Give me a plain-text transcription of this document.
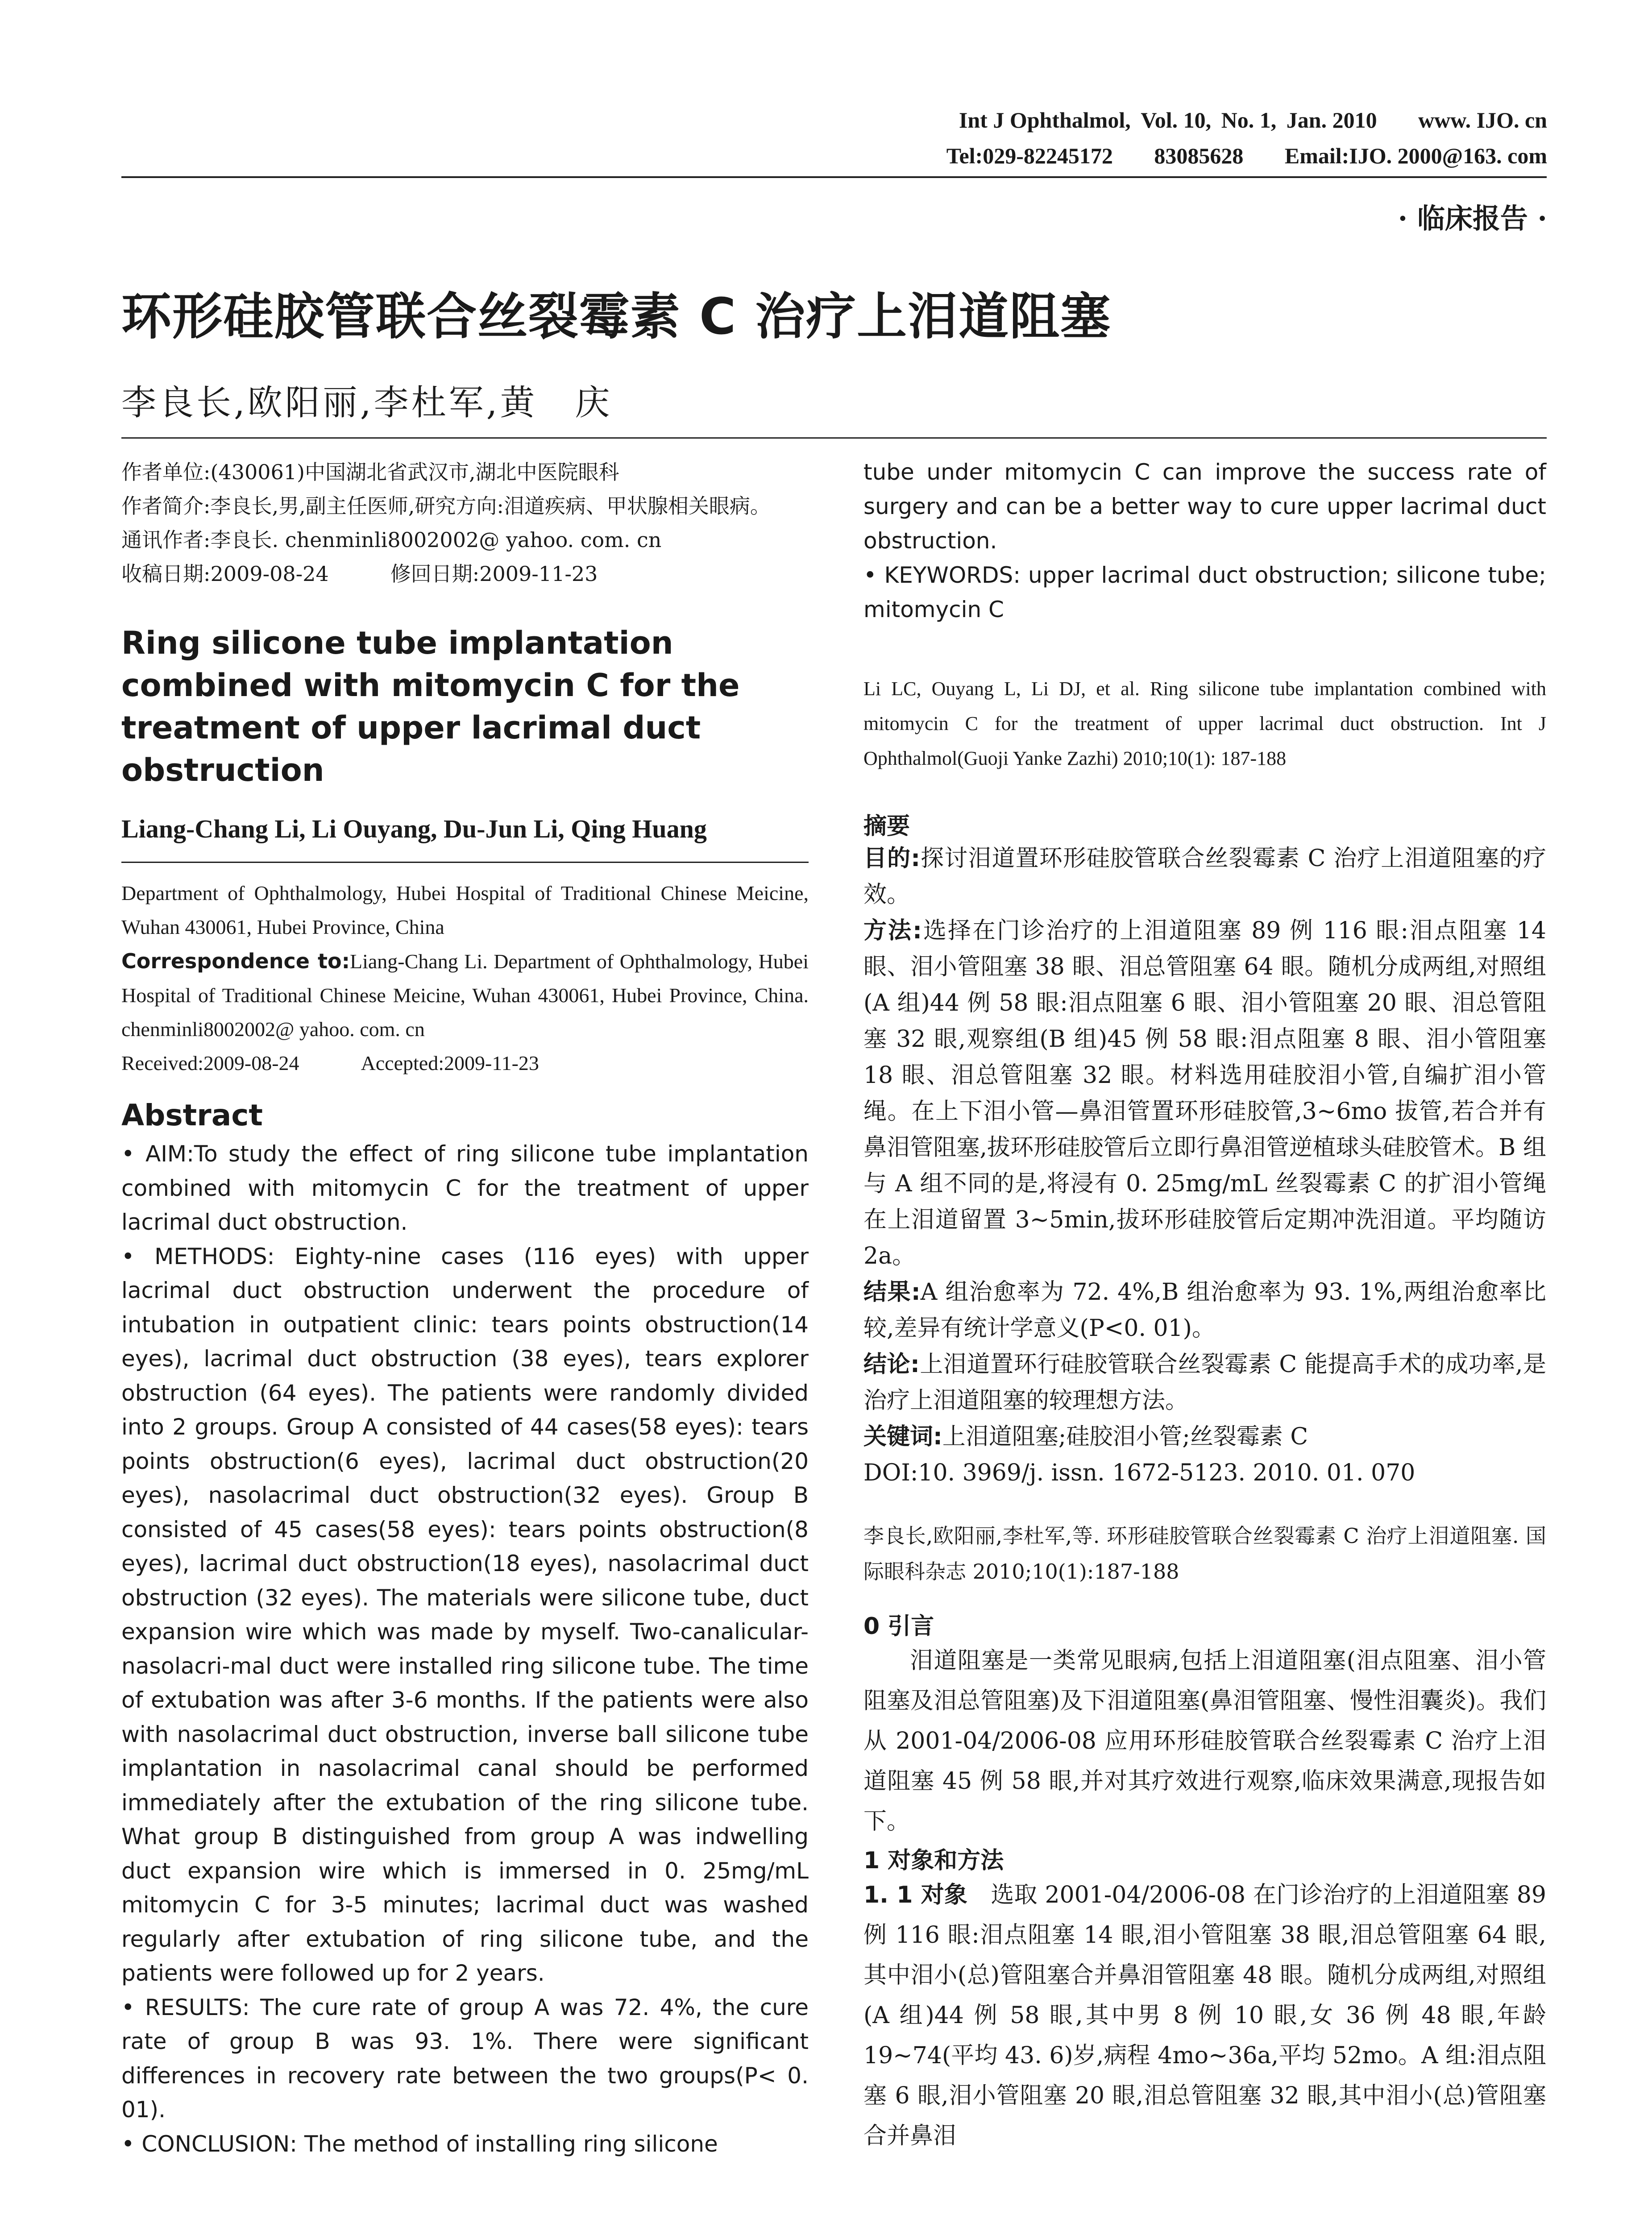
Int J Ophthalmol, Vol. 10, No. 1, Jan. 2010 www. IJO. cn
Tel:029-82245172 83085628 Email:IJO. 2000@163. com
· 临床报告 ·
环形硅胶管联合丝裂霉素 C 治疗上泪道阻塞
李良长,欧阳丽,李杜军,黄　庆
作者单位:(430061)中国湖北省武汉市,湖北中医院眼科
作者简介:李良长,男,副主任医师,研究方向:泪道疾病、甲状腺相关眼病。
通讯作者:李良长. chenminli8002002@ yahoo. com. cn
收稿日期:2009-08-24　　　修回日期:2009-11-23
Ring silicone tube implantation combined with mitomycin C for the treatment of upper lacrimal duct obstruction
Liang-Chang Li, Li Ouyang, Du-Jun Li, Qing Huang
Department of Ophthalmology, Hubei Hospital of Traditional Chinese Meicine, Wuhan 430061, Hubei Province, China
Correspondence to:Liang-Chang Li. Department of Ophthalmology, Hubei Hospital of Traditional Chinese Meicine, Wuhan 430061, Hubei Province, China. chenminli8002002@ yahoo. com. cn
Received:2009-08-24　　　Accepted:2009-11-23
Abstract

• AIM:To study the effect of ring silicone tube implantation combined with mitomycin C for the treatment of upper lacrimal duct obstruction.

• METHODS: Eighty-nine cases (116 eyes) with upper lacrimal duct obstruction underwent the procedure of intubation in outpatient clinic: tears points obstruction(14 eyes), lacrimal duct obstruction (38 eyes), tears explorer obstruction (64 eyes). The patients were randomly divided into 2 groups. Group A consisted of 44 cases(58 eyes): tears points obstruction(6 eyes), lacrimal duct obstruction(20 eyes), nasolacrimal duct obstruction(32 eyes). Group B consisted of 45 cases(58 eyes): tears points obstruction(8 eyes), lacrimal duct obstruction(18 eyes), nasolacrimal duct obstruction (32 eyes). The materials were silicone tube, duct expansion wire which was made by myself. Two-canalicular-nasolacri-mal duct were installed ring silicone tube. The time of extubation was after 3-6 months. If the patients were also with nasolacrimal duct obstruction, inverse ball silicone tube implantation in nasolacrimal canal should be performed immediately after the extubation of the ring silicone tube. What group B distinguished from group A was indwelling duct expansion wire which is immersed in 0. 25mg/mL mitomycin C for 3-5 minutes; lacrimal duct was washed regularly after extubation of ring silicone tube, and the patients were followed up for 2 years.

• RESULTS: The cure rate of group A was 72. 4%, the cure rate of group B was 93. 1%. There were significant differences in recovery rate between the two groups(P< 0. 01).

• CONCLUSION: The method of installing ring silicone

tube under mitomycin C can improve the success rate of surgery and can be a better way to cure upper lacrimal duct obstruction.

• KEYWORDS: upper lacrimal duct obstruction; silicone tube; mitomycin C

Li LC, Ouyang L, Li DJ, et al. Ring silicone tube implantation combined with mitomycin C for the treatment of upper lacrimal duct obstruction. Int J Ophthalmol(Guoji Yanke Zazhi) 2010;10(1): 187-188
摘要

目的:探讨泪道置环形硅胶管联合丝裂霉素 C 治疗上泪道阻塞的疗效。

方法:选择在门诊治疗的上泪道阻塞 89 例 116 眼:泪点阻塞 14 眼、泪小管阻塞 38 眼、泪总管阻塞 64 眼。随机分成两组,对照组(A 组)44 例 58 眼:泪点阻塞 6 眼、泪小管阻塞 20 眼、泪总管阻塞 32 眼,观察组(B 组)45 例 58 眼:泪点阻塞 8 眼、泪小管阻塞 18 眼、泪总管阻塞 32 眼。材料选用硅胶泪小管,自编扩泪小管绳。在上下泪小管—鼻泪管置环形硅胶管,3~6mo 拔管,若合并有鼻泪管阻塞,拔环形硅胶管后立即行鼻泪管逆植球头硅胶管术。B 组与 A 组不同的是,将浸有 0. 25mg/mL 丝裂霉素 C 的扩泪小管绳在上泪道留置 3~5min,拔环形硅胶管后定期冲洗泪道。平均随访 2a。

结果:A 组治愈率为 72. 4%,B 组治愈率为 93. 1%,两组治愈率比较,差异有统计学意义(P<0. 01)。

结论:上泪道置环行硅胶管联合丝裂霉素 C 能提高手术的成功率,是治疗上泪道阻塞的较理想方法。

关键词:上泪道阻塞;硅胶泪小管;丝裂霉素 C

DOI:10. 3969/j. issn. 1672-5123. 2010. 01. 070

李良长,欧阳丽,李杜军,等. 环形硅胶管联合丝裂霉素 C 治疗上泪道阻塞. 国际眼科杂志 2010;10(1):187-188
0 引言

泪道阻塞是一类常见眼病,包括上泪道阻塞(泪点阻塞、泪小管阻塞及泪总管阻塞)及下泪道阻塞(鼻泪管阻塞、慢性泪囊炎)。我们从 2001-04/2006-08 应用环形硅胶管联合丝裂霉素 C 治疗上泪道阻塞 45 例 58 眼,并对其疗效进行观察,临床效果满意,现报告如下。

1 对象和方法

1. 1 对象　 选取 2001-04/2006-08 在门诊治疗的上泪道阻塞 89 例 116 眼:泪点阻塞 14 眼,泪小管阻塞 38 眼,泪总管阻塞 64 眼,其中泪小(总)管阻塞合并鼻泪管阻塞 48 眼。随机分成两组,对照组(A 组)44 例 58 眼,其中男 8 例 10 眼,女 36 例 48 眼,年龄 19~74(平均 43. 6)岁,病程 4mo~36a,平均 52mo。A 组:泪点阻塞 6 眼,泪小管阻塞 20 眼,泪总管阻塞 32 眼,其中泪小(总)管阻塞合并鼻泪
